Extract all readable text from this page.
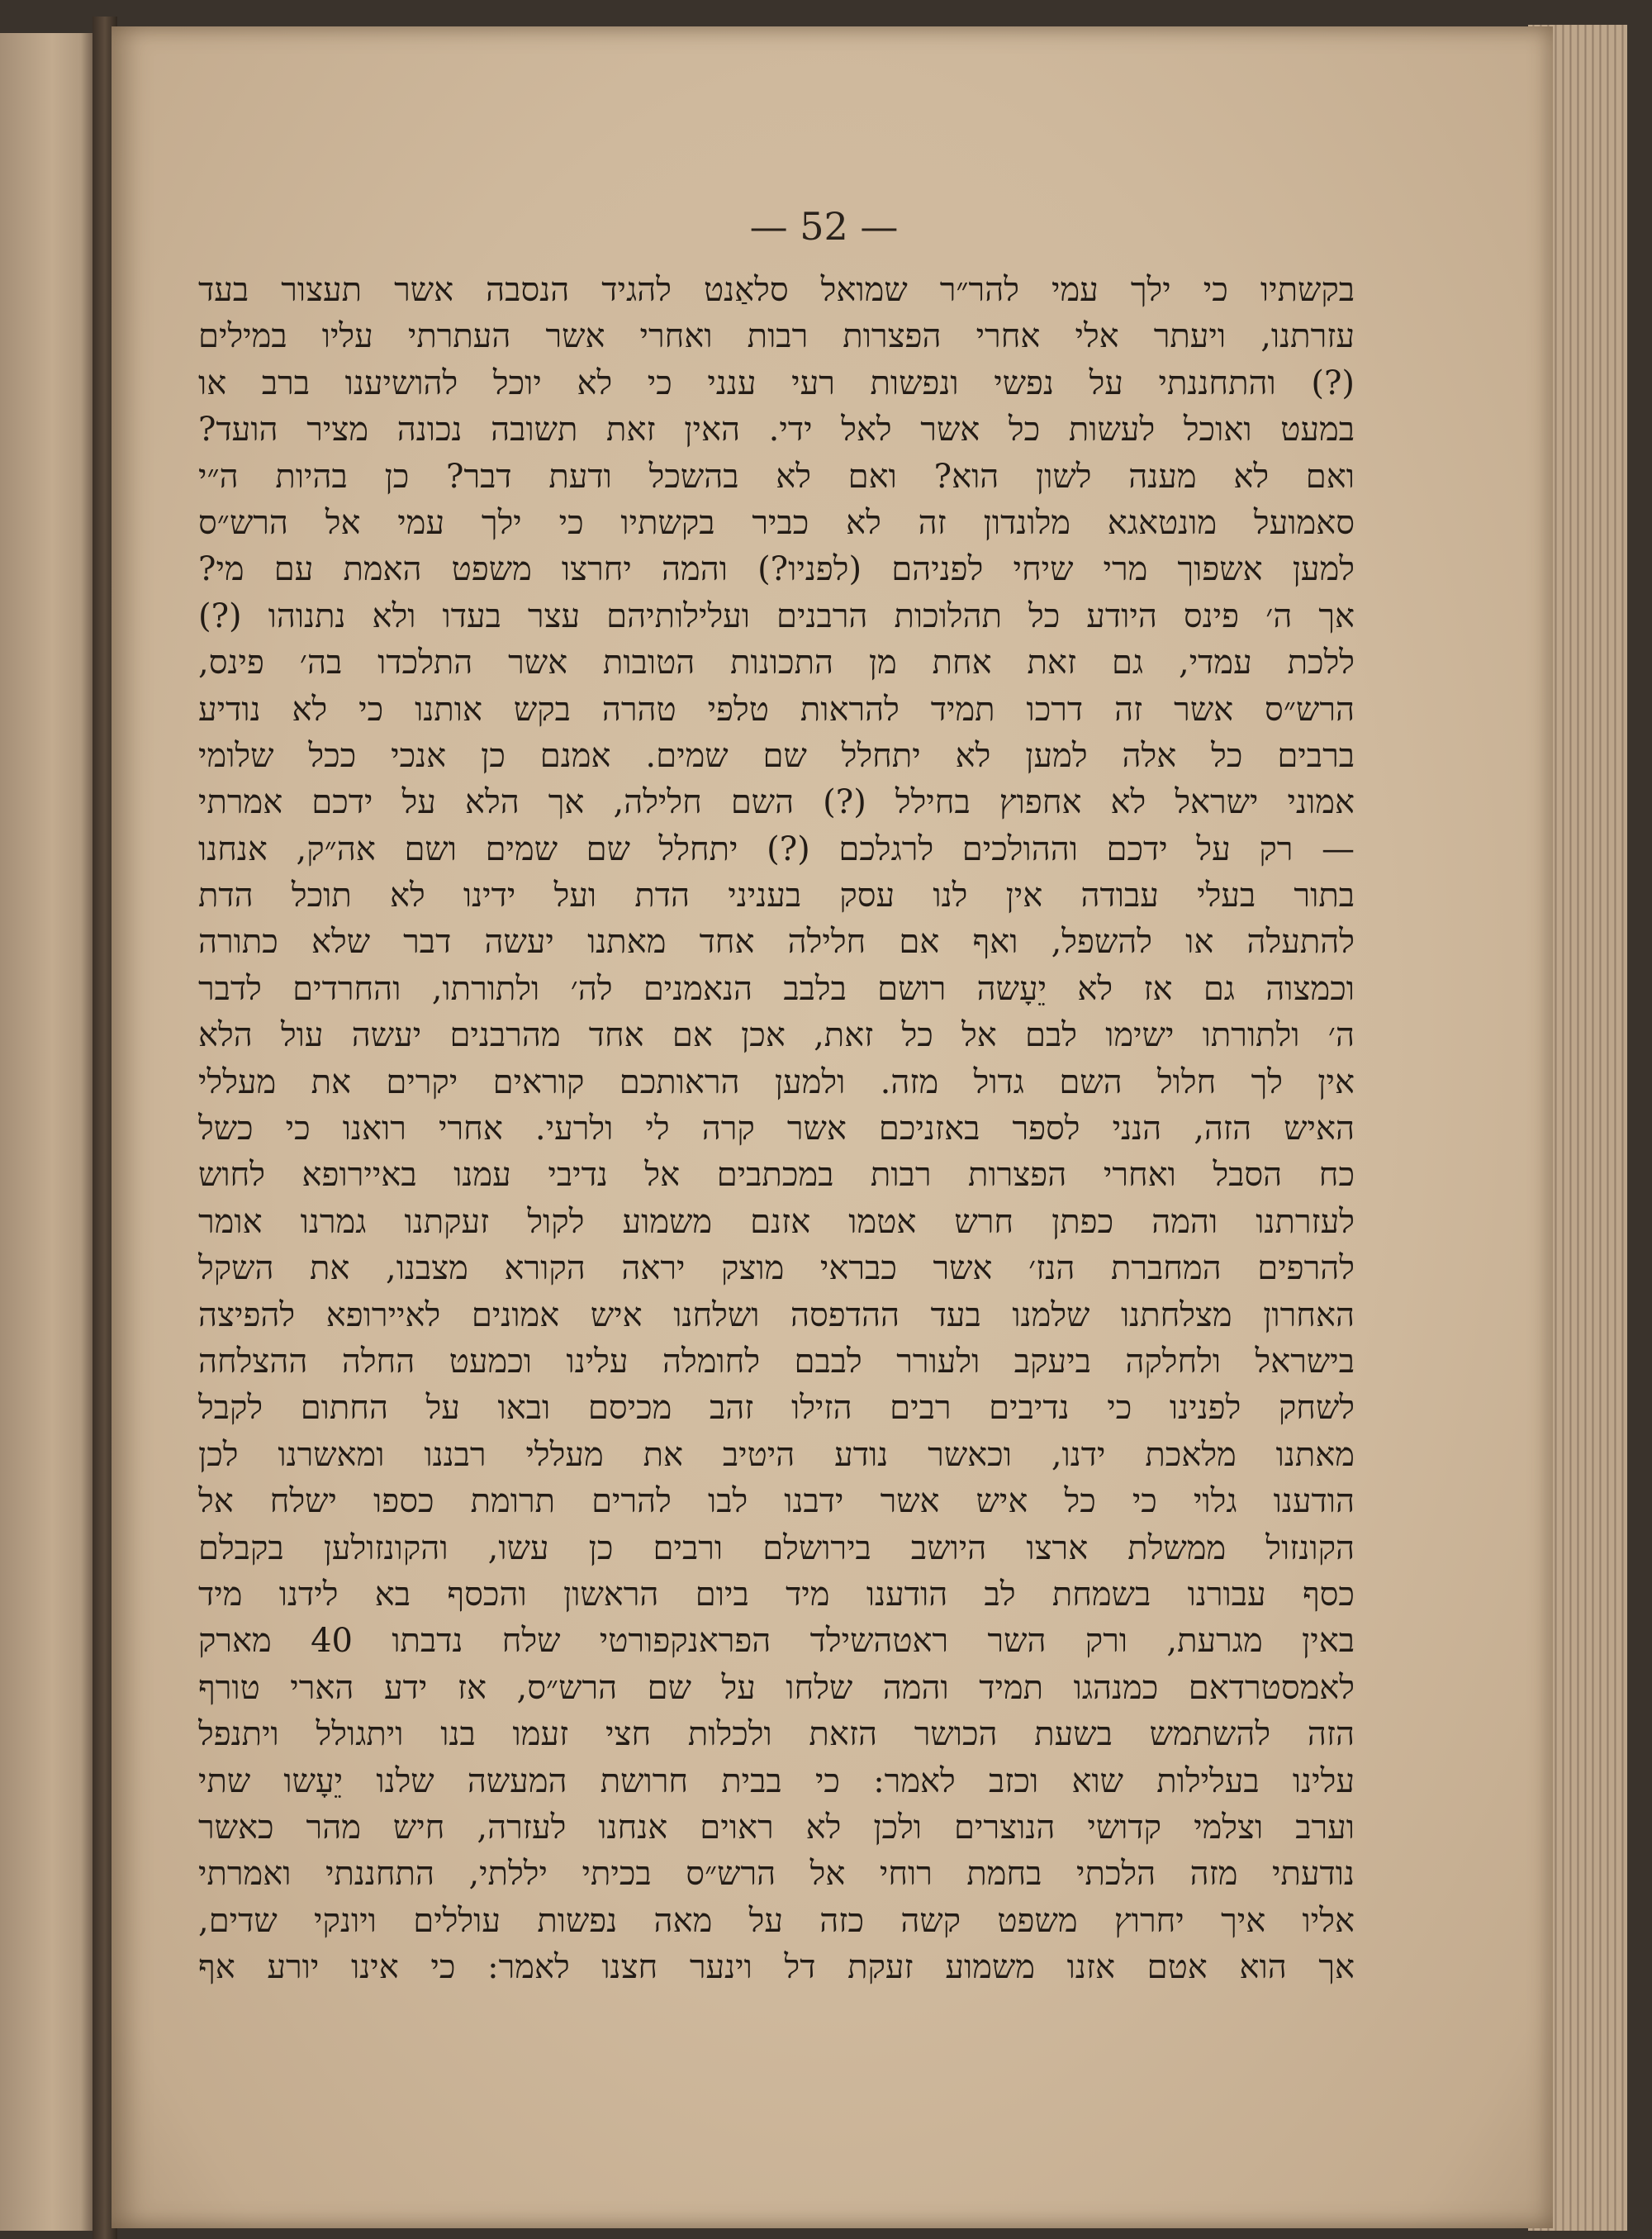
— 52 —
בקשתיו כי ילך עמי להר״ר שמואל סלאַנט להגיד הנסבה אשר תעצור בעד
עזרתנו, ויעתר אלי אחרי הפצרות רבות ואחרי אשר העתרתי עליו במילים
(?) והתחננתי על נפשי ונפשות רעי ענני כי לא יוכל להושיענו ברב או
במעט ואוכל לעשות כל אשר לאל ידי. האין זאת תשובה נכונה מציר הועד?
ואם לא מענה לשון הוא? ואם לא בהשכל ודעת דבר? כן בהיות ה״י
סאמועל מונטאגא מלונדון זה לא כביר בקשתיו כי ילך עמי אל הרש״ס
למען אשפוך מרי שיחי לפניהם (לפניו?) והמה יחרצו משפט האמת עם מי?
אך ה׳ פינס היודע כל תהלוכות הרבנים ועלילותיהם עצר בעדו ולא נתנוהו (?)
ללכת עמדי, גם זאת אחת מן התכונות הטובות אשר התלכדו בה׳ פינס,
הרש״ס אשר זה דרכו תמיד להראות טלפי טהרה בקש אותנו כי לא נודיע
ברבים כל אלה למען לא יתחלל שם שמים. אמנם כן אנכי ככל שלומי
אמוני ישראל לא אחפוץ בחילל (?) השם חלילה, אך הלא על ידכם אמרתי
— רק על ידכם וההולכים לרגלכם (?) יתחלל שם שמים ושם אה״ק, אנחנו
בתור בעלי עבודה אין לנו עסק בעניני הדת ועל ידינו לא תוכל הדת
להתעלה או להשפל, ואף אם חלילה אחד מאתנו יעשה דבר שלא כתורה
וכמצוה גם אז לא יֵעָשה רושם בלבב הנאמנים לה׳ ולתורתו, והחרדים לדבר
ה׳ ולתורתו ישימו לבם אל כל זאת, אכן אם אחד מהרבנים יעשה עול הלא
אין לך חלול השם גדול מזה. ולמען הראותכם קוראים יקרים את מעללי
האיש הזה, הנני לספר באזניכם אשר קרה לי ולרעי. אחרי רואנו כי כשל
כח הסבל ואחרי הפצרות רבות במכתבים אל נדיבי עמנו באיירופא לחוש
לעזרתנו והמה כפתן חרש אטמו אזנם משמוע לקול זעקתנו גמרנו אומר
להרפים המחברת הנז׳ אשר כבראי מוצק יראה הקורא מצבנו, את השקל
האחרון מצלחתנו שלמנו בעד ההדפסה ושלחנו איש אמונים לאיירופא להפיצה
בישראל ולחלקה ביעקב ולעורר לבבם לחומלה עלינו וכמעט החלה ההצלחה
לשחק לפנינו כי נדיבים רבים הזילו זהב מכיסם ובאו על החתום לקבל
מאתנו מלאכת ידנו, וכאשר נודע היטיב את מעללי רבננו ומאשרנו לכן
הודענו גלוי כי כל איש אשר ידבנו לבו להרים תרומת כספו ישלח אל
הקונזול ממשלת ארצו היושב בירושלם ורבים כן עשו, והקונזולען בקבלם
כסף עבורנו בשמחת לב הודענו מיד ביום הראשון והכסף בא לידנו מיד
באין מגרעת, ורק השר ראטהשילד הפראנקפורטי שלח נדבתו 40 מארק
לאמסטרדאם כמנהגו תמיד והמה שלחו על שם הרש״ס, אז ידע הארי טורף
הזה להשתמש בשעת הכושר הזאת ולכלות חצי זעמו בנו ויתגולל ויתנפל
עלינו בעלילות שוא וכזב לאמר: כי בבית חרושת המעשה שלנו יֵעָשו שתי
וערב וצלמי קדושי הנוצרים ולכן לא ראוים אנחנו לעזרה, חיש מהר כאשר
נודעתי מזה הלכתי בחמת רוחי אל הרש״ס בכיתי יללתי, התחננתי ואמרתי
אליו איך יחרוץ משפט קשה כזה על מאה נפשות עוללים ויונקי שדים,
אך הוא אטם אזנו משמוע זעקת דל וינער חצנו לאמר: כי אינו יורע אף
